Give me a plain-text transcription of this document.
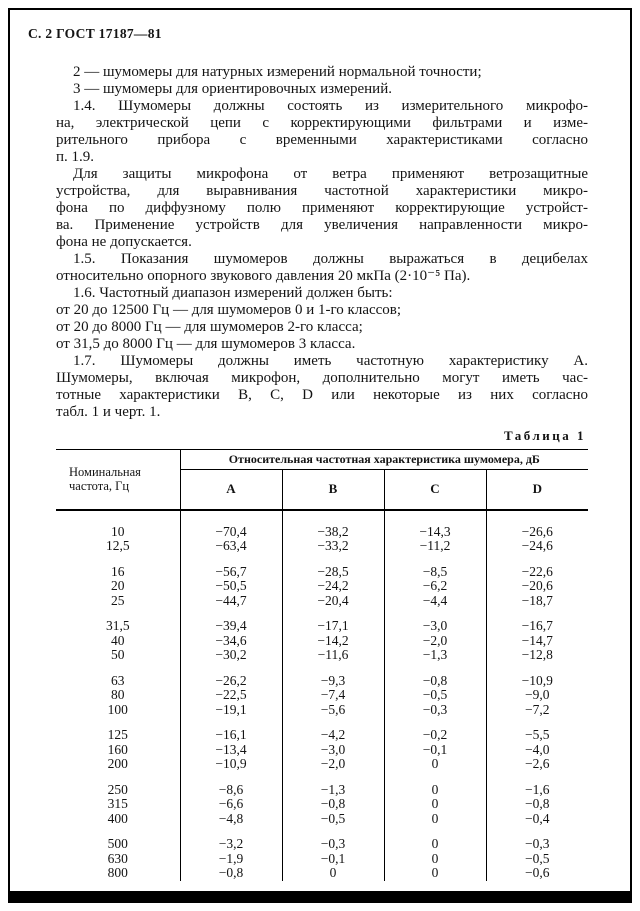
С. 2 ГОСТ 17187—81
2 — шумомеры для натурных измерений нормальной точности;
3 — шумомеры для ориентировочных измерений.
1.4. Шумомеры должны состоять из измерительного микрофо-
на, электрической цепи с корректирующими фильтрами и изме-
рительного прибора с временными характеристиками согласно
п. 1.9.
Для защиты микрофона от ветра применяют ветрозащитные
устройства, для выравнивания частотной характеристики микро-
фона по диффузному полю применяют корректирующие устройст-
ва. Применение устройств для увеличения направленности микро-
фона не допускается.
1.5. Показания шумомеров должны выражаться в децибелах
относительно опорного звукового давления 20 мкПа (2·10⁻⁵ Па).
1.6. Частотный диапазон измерений должен быть:
от 20 до 12500 Гц — для шумомеров 0 и 1-го классов;
от 20 до 8000 Гц — для шумомеров 2-го класса;
от 31,5 до 8000 Гц — для шумомеров 3 класса.
1.7. Шумомеры должны иметь частотную характеристику А.
Шумомеры, включая микрофон, дополнительно могут иметь час-
тотные характеристики В, С, D или некоторые из них согласно
табл. 1 и черт. 1.
Таблица 1
Номинальная частота, Гц	Относительная частотная характеристика шумомера, дБ			
	А	В	С	D
10	−70,4	−38,2	−14,3	−26,6
12,5	−63,4	−33,2	−11,2	−24,6
16	−56,7	−28,5	−8,5	−22,6
20	−50,5	−24,2	−6,2	−20,6
25	−44,7	−20,4	−4,4	−18,7
31,5	−39,4	−17,1	−3,0	−16,7
40	−34,6	−14,2	−2,0	−14,7
50	−30,2	−11,6	−1,3	−12,8
63	−26,2	−9,3	−0,8	−10,9
80	−22,5	−7,4	−0,5	−9,0
100	−19,1	−5,6	−0,3	−7,2
125	−16,1	−4,2	−0,2	−5,5
160	−13,4	−3,0	−0,1	−4,0
200	−10,9	−2,0	0	−2,6
250	−8,6	−1,3	0	−1,6
315	−6,6	−0,8	0	−0,8
400	−4,8	−0,5	0	−0,4
500	−3,2	−0,3	0	−0,3
630	−1,9	−0,1	0	−0,5
800	−0,8	0	0	−0,6
